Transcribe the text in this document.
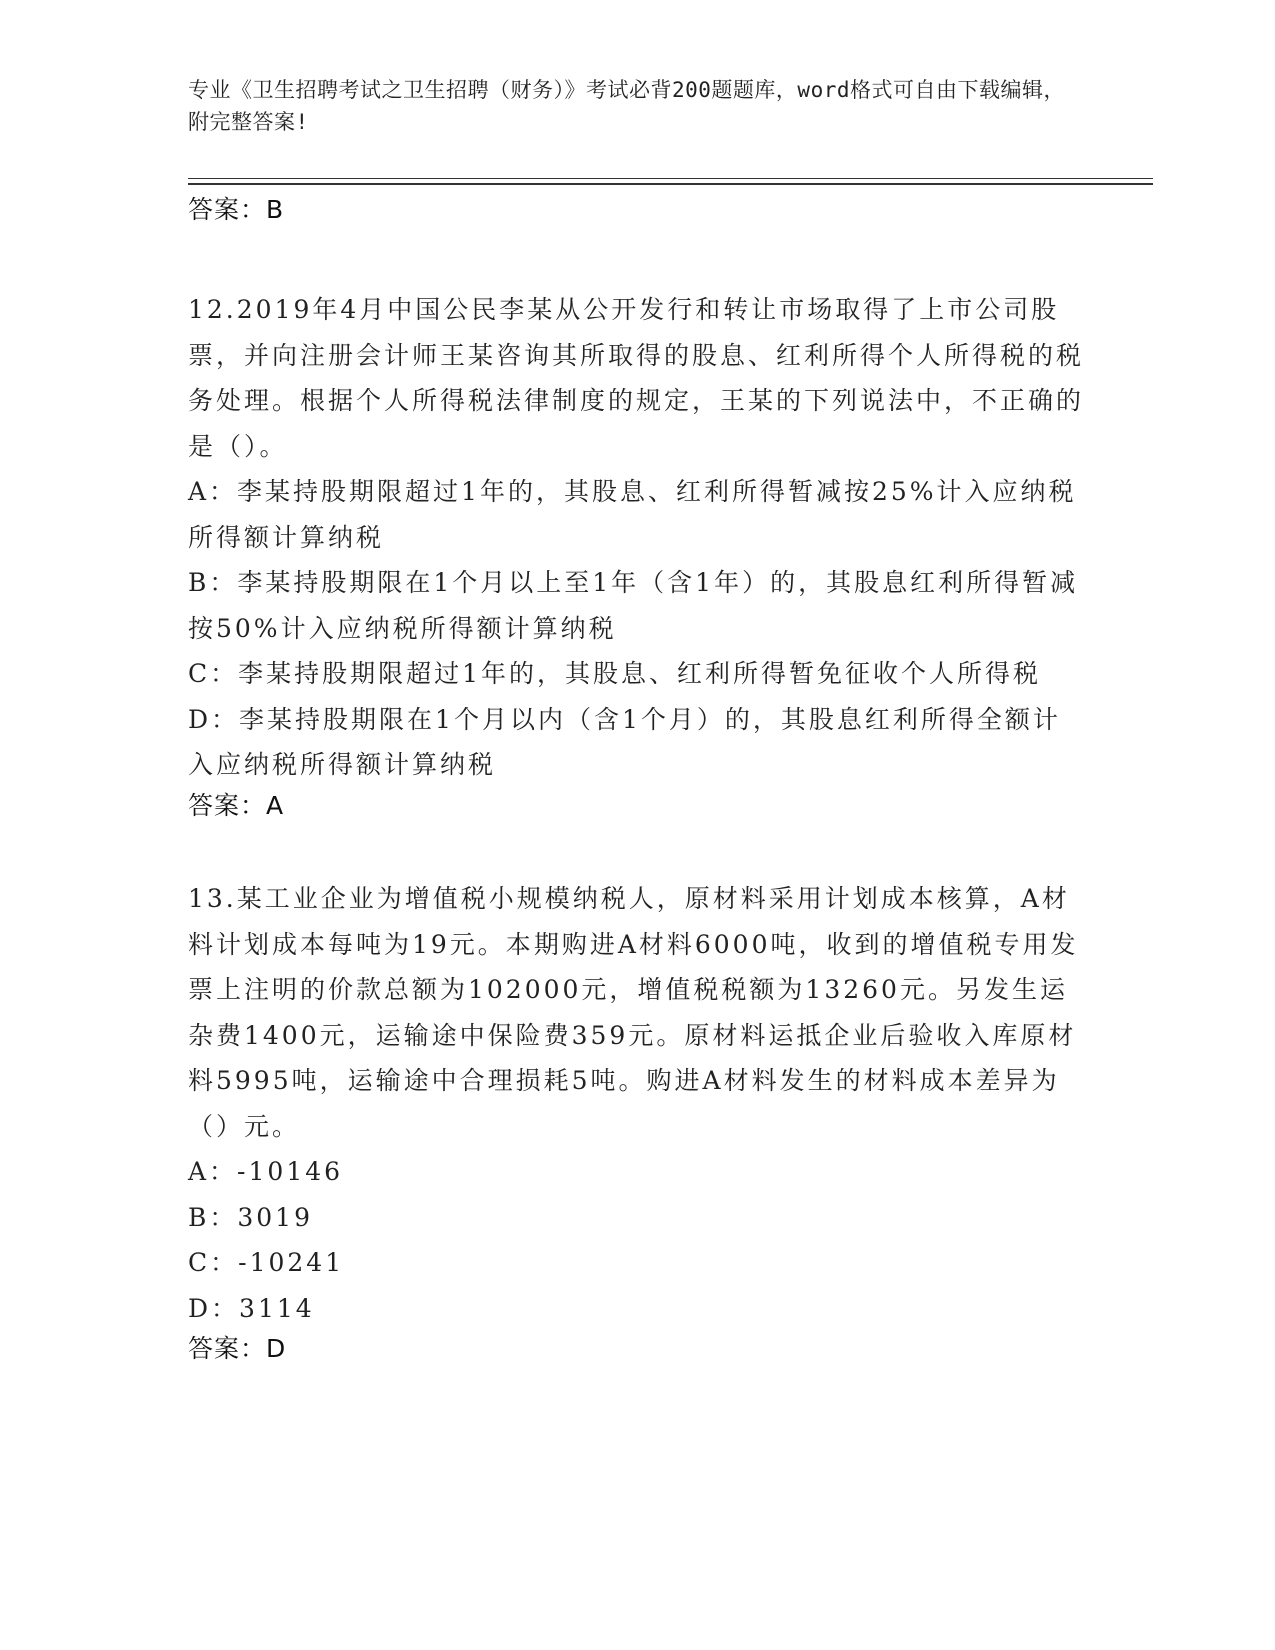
专业《卫生招聘考试之卫生招聘（财务）》考试必背200题题库，word格式可自由下载编辑，附完整答案!
答案：B
12.2019年4月中国公民李某从公开发行和转让市场取得了上市公司股票，并向注册会计师王某咨询其所取得的股息、红利所得个人所得税的税务处理。根据个人所得税法律制度的规定，王某的下列说法中，不正确的是（）。
A：李某持股期限超过1年的，其股息、红利所得暂减按25%计入应纳税所得额计算纳税
B：李某持股期限在1个月以上至1年（含1年）的，其股息红利所得暂减按50%计入应纳税所得额计算纳税
C：李某持股期限超过1年的，其股息、红利所得暂免征收个人所得税
D：李某持股期限在1个月以内（含1个月）的，其股息红利所得全额计入应纳税所得额计算纳税
答案：A
13.某工业企业为增值税小规模纳税人，原材料采用计划成本核算，A材料计划成本每吨为19元。本期购进A材料6000吨，收到的增值税专用发票上注明的价款总额为102000元，增值税税额为13260元。另发生运杂费1400元，运输途中保险费359元。原材料运抵企业后验收入库原材料5995吨，运输途中合理损耗5吨。购进A材料发生的材料成本差异为（）元。
A：-10146
B：3019
C：-10241
D：3114
答案：D
